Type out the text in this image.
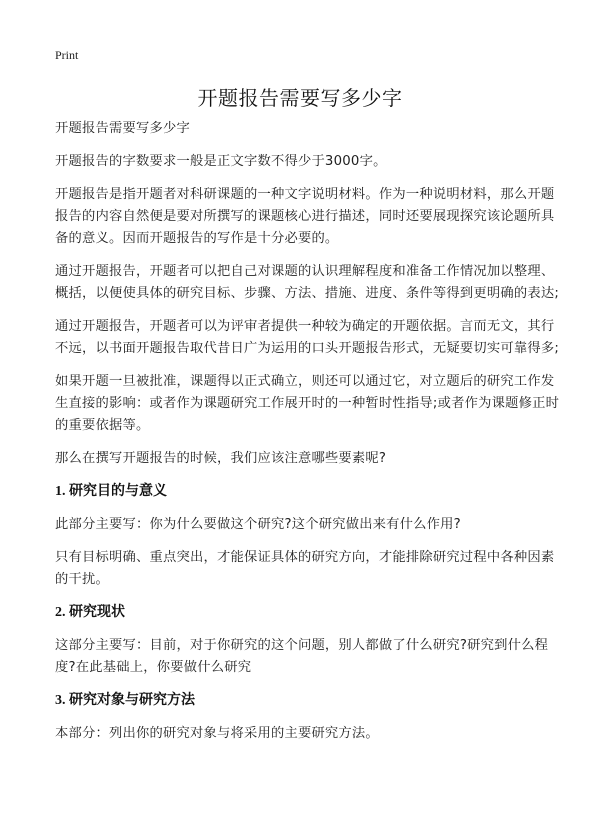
Print
开题报告需要写多少字

开题报告需要写多少字

开题报告的字数要求一般是正文字数不得少于3000字。

开题报告是指开题者对科研课题的一种文字说明材料。作为一种说明材料，那么开题报告的内容自然便是要对所撰写的课题核心进行描述，同时还要展现探究该论题所具备的意义。因而开题报告的写作是十分必要的。

通过开题报告，开题者可以把自己对课题的认识理解程度和准备工作情况加以整理、概括，以便使具体的研究目标、步骤、方法、措施、进度、条件等得到更明确的表达;

通过开题报告，开题者可以为评审者提供一种较为确定的开题依据。言而无文，其行不远，以书面开题报告取代昔日广为运用的口头开题报告形式，无疑要切实可靠得多;

如果开题一旦被批准，课题得以正式确立，则还可以通过它，对立题后的研究工作发生直接的影响：或者作为课题研究工作展开时的一种暂时性指导;或者作为课题修正时的重要依据等。

那么在撰写开题报告的时候，我们应该注意哪些要素呢?

1. 研究目的与意义

此部分主要写：你为什么要做这个研究?这个研究做出来有什么作用?

只有目标明确、重点突出，才能保证具体的研究方向，才能排除研究过程中各种因素的干扰。

2. 研究现状

这部分主要写：目前，对于你研究的这个问题，别人都做了什么研究?研究到什么程度?在此基础上，你要做什么研究

3. 研究对象与研究方法

本部分：列出你的研究对象与将采用的主要研究方法。
